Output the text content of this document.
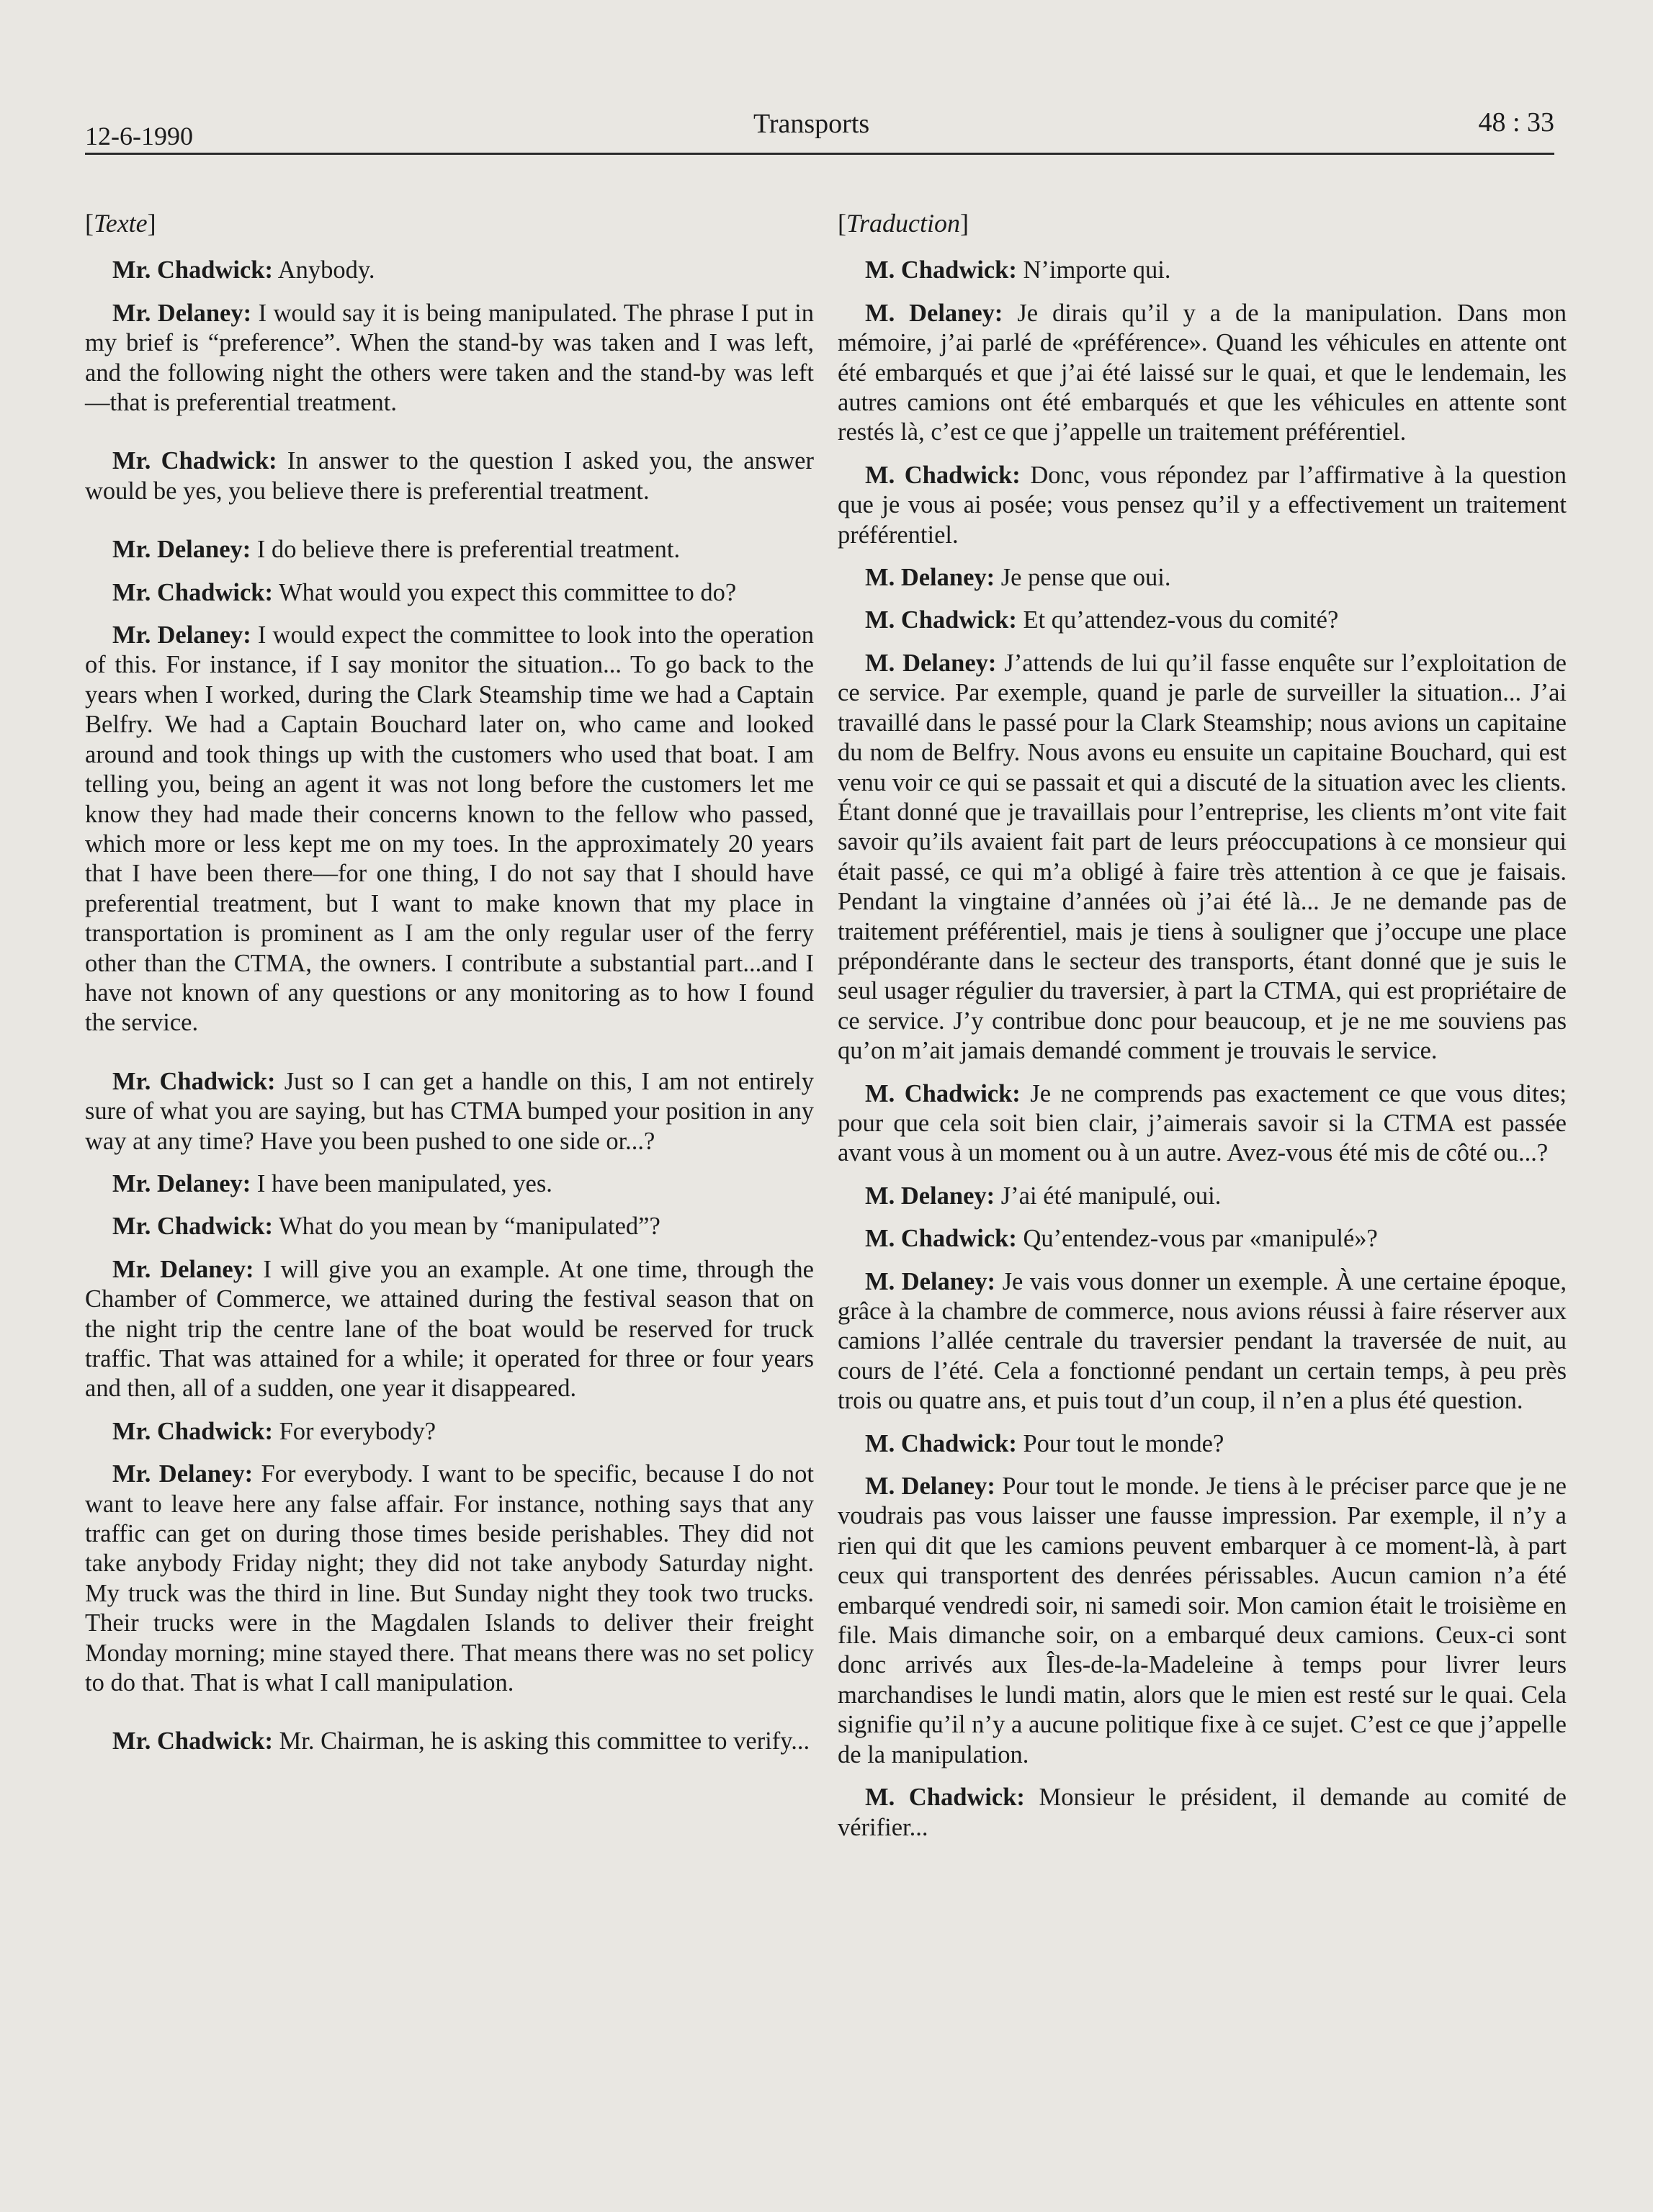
12-6-1990	Transports	48 : 33

[Texte]

Mr. Chadwick: Anybody.

Mr. Delaney: I would say it is being manipulated. The phrase I put in my brief is “preference”. When the stand-by was taken and I was left, and the following night the others were taken and the stand-by was left—that is preferential treatment.

Mr. Chadwick: In answer to the question I asked you, the answer would be yes, you believe there is preferential treatment.

Mr. Delaney: I do believe there is preferential treatment.

Mr. Chadwick: What would you expect this committee to do?

Mr. Delaney: I would expect the committee to look into the operation of this. For instance, if I say monitor the situation... To go back to the years when I worked, during the Clark Steamship time we had a Captain Belfry. We had a Captain Bouchard later on, who came and looked around and took things up with the customers who used that boat. I am telling you, being an agent it was not long before the customers let me know they had made their concerns known to the fellow who passed, which more or less kept me on my toes. In the approximately 20 years that I have been there—for one thing, I do not say that I should have preferential treatment, but I want to make known that my place in transportation is prominent as I am the only regular user of the ferry other than the CTMA, the owners. I contribute a substantial part...and I have not known of any questions or any monitoring as to how I found the service.

Mr. Chadwick: Just so I can get a handle on this, I am not entirely sure of what you are saying, but has CTMA bumped your position in any way at any time? Have you been pushed to one side or...?

Mr. Delaney: I have been manipulated, yes.

Mr. Chadwick: What do you mean by “manipulated”?

Mr. Delaney: I will give you an example. At one time, through the Chamber of Commerce, we attained during the festival season that on the night trip the centre lane of the boat would be reserved for truck traffic. That was attained for a while; it operated for three or four years and then, all of a sudden, one year it disappeared.

Mr. Chadwick: For everybody?

Mr. Delaney: For everybody. I want to be specific, because I do not want to leave here any false affair. For instance, nothing says that any traffic can get on during those times beside perishables. They did not take anybody Friday night; they did not take anybody Saturday night. My truck was the third in line. But Sunday night they took two trucks. Their trucks were in the Magdalen Islands to deliver their freight Monday morning; mine stayed there. That means there was no set policy to do that. That is what I call manipulation.

Mr. Chadwick: Mr. Chairman, he is asking this committee to verify...

[Traduction]

M. Chadwick: N’importe qui.

M. Delaney: Je dirais qu’il y a de la manipulation. Dans mon mémoire, j’ai parlé de «préférence». Quand les véhicules en attente ont été embarqués et que j’ai été laissé sur le quai, et que le lendemain, les autres camions ont été embarqués et que les véhicules en attente sont restés là, c’est ce que j’appelle un traitement préférentiel.

M. Chadwick: Donc, vous répondez par l’affirmative à la question que je vous ai posée; vous pensez qu’il y a effectivement un traitement préférentiel.

M. Delaney: Je pense que oui.

M. Chadwick: Et qu’attendez-vous du comité?

M. Delaney: J’attends de lui qu’il fasse enquête sur l’exploitation de ce service. Par exemple, quand je parle de surveiller la situation... J’ai travaillé dans le passé pour la Clark Steamship; nous avions un capitaine du nom de Belfry. Nous avons eu ensuite un capitaine Bouchard, qui est venu voir ce qui se passait et qui a discuté de la situation avec les clients. Étant donné que je travaillais pour l’entreprise, les clients m’ont vite fait savoir qu’ils avaient fait part de leurs préoccupations à ce monsieur qui était passé, ce qui m’a obligé à faire très attention à ce que je faisais. Pendant la vingtaine d’années où j’ai été là... Je ne demande pas de traitement préférentiel, mais je tiens à souligner que j’occupe une place prépondérante dans le secteur des transports, étant donné que je suis le seul usager régulier du traversier, à part la CTMA, qui est propriétaire de ce service. J’y contribue donc pour beaucoup, et je ne me souviens pas qu’on m’ait jamais demandé comment je trouvais le service.

M. Chadwick: Je ne comprends pas exactement ce que vous dites; pour que cela soit bien clair, j’aimerais savoir si la CTMA est passée avant vous à un moment ou à un autre. Avez-vous été mis de côté ou...?

M. Delaney: J’ai été manipulé, oui.

M. Chadwick: Qu’entendez-vous par «manipulé»?

M. Delaney: Je vais vous donner un exemple. À une certaine époque, grâce à la chambre de commerce, nous avions réussi à faire réserver aux camions l’allée centrale du traversier pendant la traversée de nuit, au cours de l’été. Cela a fonctionné pendant un certain temps, à peu près trois ou quatre ans, et puis tout d’un coup, il n’en a plus été question.

M. Chadwick: Pour tout le monde?

M. Delaney: Pour tout le monde. Je tiens à le préciser parce que je ne voudrais pas vous laisser une fausse impression. Par exemple, il n’y a rien qui dit que les camions peuvent embarquer à ce moment-là, à part ceux qui transportent des denrées périssables. Aucun camion n’a été embarqué vendredi soir, ni samedi soir. Mon camion était le troisième en file. Mais dimanche soir, on a embarqué deux camions. Ceux-ci sont donc arrivés aux Îles-de-la-Madeleine à temps pour livrer leurs marchandises le lundi matin, alors que le mien est resté sur le quai. Cela signifie qu’il n’y a aucune politique fixe à ce sujet. C’est ce que j’appelle de la manipulation.

M. Chadwick: Monsieur le président, il demande au comité de vérifier...
